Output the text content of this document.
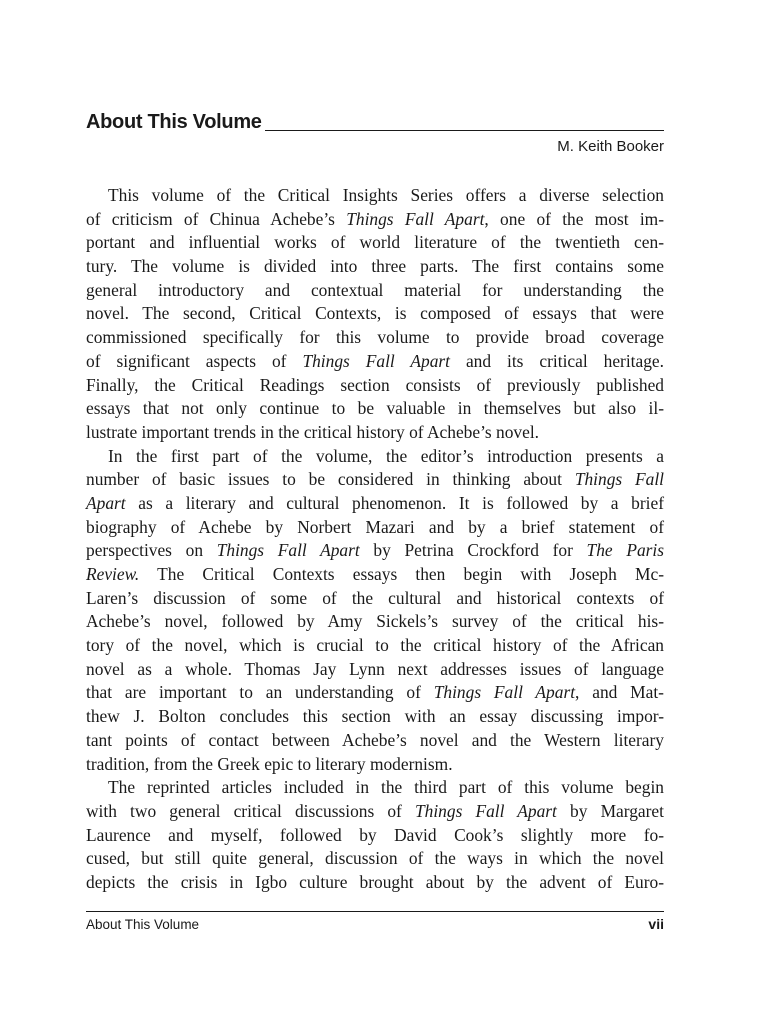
About This Volume
M. Keith Booker
This volume of the Critical Insights Series offers a diverse selection
of criticism of Chinua Achebe’s Things Fall Apart, one of the most im-
portant and influential works of world literature of the twentieth cen-
tury. The volume is divided into three parts. The first contains some
general introductory and contextual material for understanding the
novel. The second, Critical Contexts, is composed of essays that were
commissioned specifically for this volume to provide broad coverage
of significant aspects of Things Fall Apart and its critical heritage.
Finally, the Critical Readings section consists of previously published
essays that not only continue to be valuable in themselves but also il-
lustrate important trends in the critical history of Achebe’s novel.
In the first part of the volume, the editor’s introduction presents a
number of basic issues to be considered in thinking about Things Fall
Apart as a literary and cultural phenomenon. It is followed by a brief
biography of Achebe by Norbert Mazari and by a brief statement of
perspectives on Things Fall Apart by Petrina Crockford for The Paris
Review. The Critical Contexts essays then begin with Joseph Mc-
Laren’s discussion of some of the cultural and historical contexts of
Achebe’s novel, followed by Amy Sickels’s survey of the critical his-
tory of the novel, which is crucial to the critical history of the African
novel as a whole. Thomas Jay Lynn next addresses issues of language
that are important to an understanding of Things Fall Apart, and Mat-
thew J. Bolton concludes this section with an essay discussing impor-
tant points of contact between Achebe’s novel and the Western literary
tradition, from the Greek epic to literary modernism.
The reprinted articles included in the third part of this volume begin
with two general critical discussions of Things Fall Apart by Margaret
Laurence and myself, followed by David Cook’s slightly more fo-
cused, but still quite general, discussion of the ways in which the novel
depicts the crisis in Igbo culture brought about by the advent of Euro-
About This Volume	vii
